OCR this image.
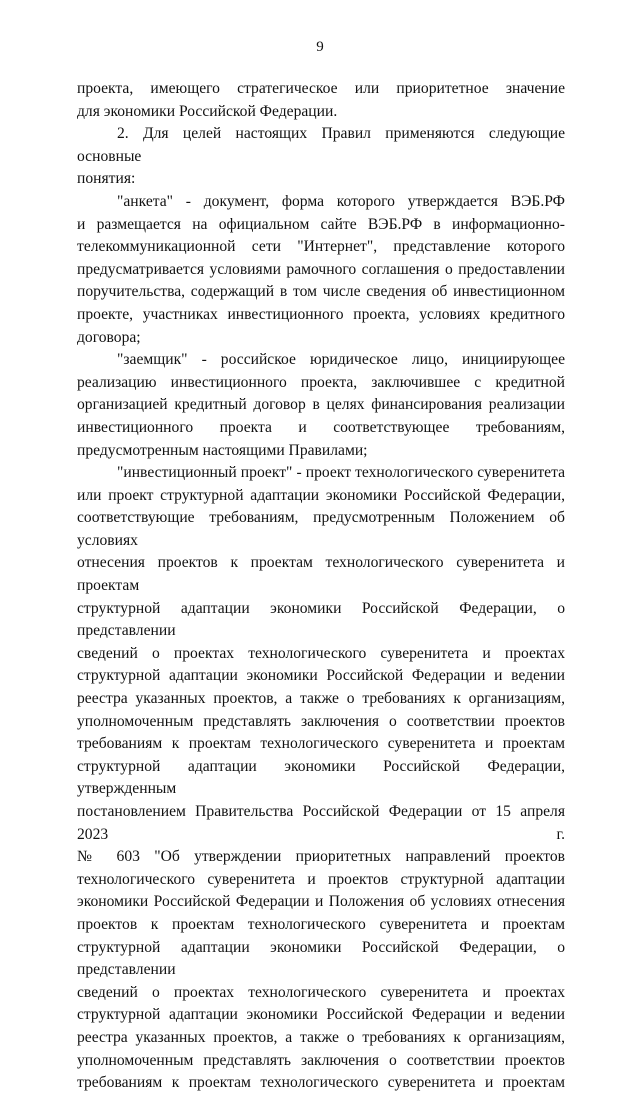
9

проекта, имеющего стратегическое или приоритетное значение
для экономики Российской Федерации.

2. Для целей настоящих Правил применяются следующие основные
понятия:

"анкета" - документ, форма которого утверждается ВЭБ.РФ
и размещается на официальном сайте ВЭБ.РФ в информационно-
телекоммуникационной сети "Интернет", представление которого
предусматривается условиями рамочного соглашения о предоставлении
поручительства, содержащий в том числе сведения об инвестиционном
проекте, участниках инвестиционного проекта, условиях кредитного
договора;

"заемщик" - российское юридическое лицо, инициирующее
реализацию инвестиционного проекта, заключившее с кредитной
организацией кредитный договор в целях финансирования реализации
инвестиционного проекта и соответствующее требованиям,
предусмотренным настоящими Правилами;

"инвестиционный проект" - проект технологического суверенитета
или проект структурной адаптации экономики Российской Федерации,
соответствующие требованиям, предусмотренным Положением об условиях
отнесения проектов к проектам технологического суверенитета и проектам
структурной адаптации экономики Российской Федерации, о представлении
сведений о проектах технологического суверенитета и проектах
структурной адаптации экономики Российской Федерации и ведении
реестра указанных проектов, а также о требованиях к организациям,
уполномоченным представлять заключения о соответствии проектов
требованиям к проектам технологического суверенитета и проектам
структурной адаптации экономики Российской Федерации, утвержденным
постановлением Правительства Российской Федерации от 15 апреля 2023 г.
№ 603 "Об утверждении приоритетных направлений проектов
технологического суверенитета и проектов структурной адаптации
экономики Российской Федерации и Положения об условиях отнесения
проектов к проектам технологического суверенитета и проектам
структурной адаптации экономики Российской Федерации, о представлении
сведений о проектах технологического суверенитета и проектах
структурной адаптации экономики Российской Федерации и ведении
реестра указанных проектов, а также о требованиях к организациям,
уполномоченным представлять заключения о соответствии проектов
требованиям к проектам технологического суверенитета и проектам
